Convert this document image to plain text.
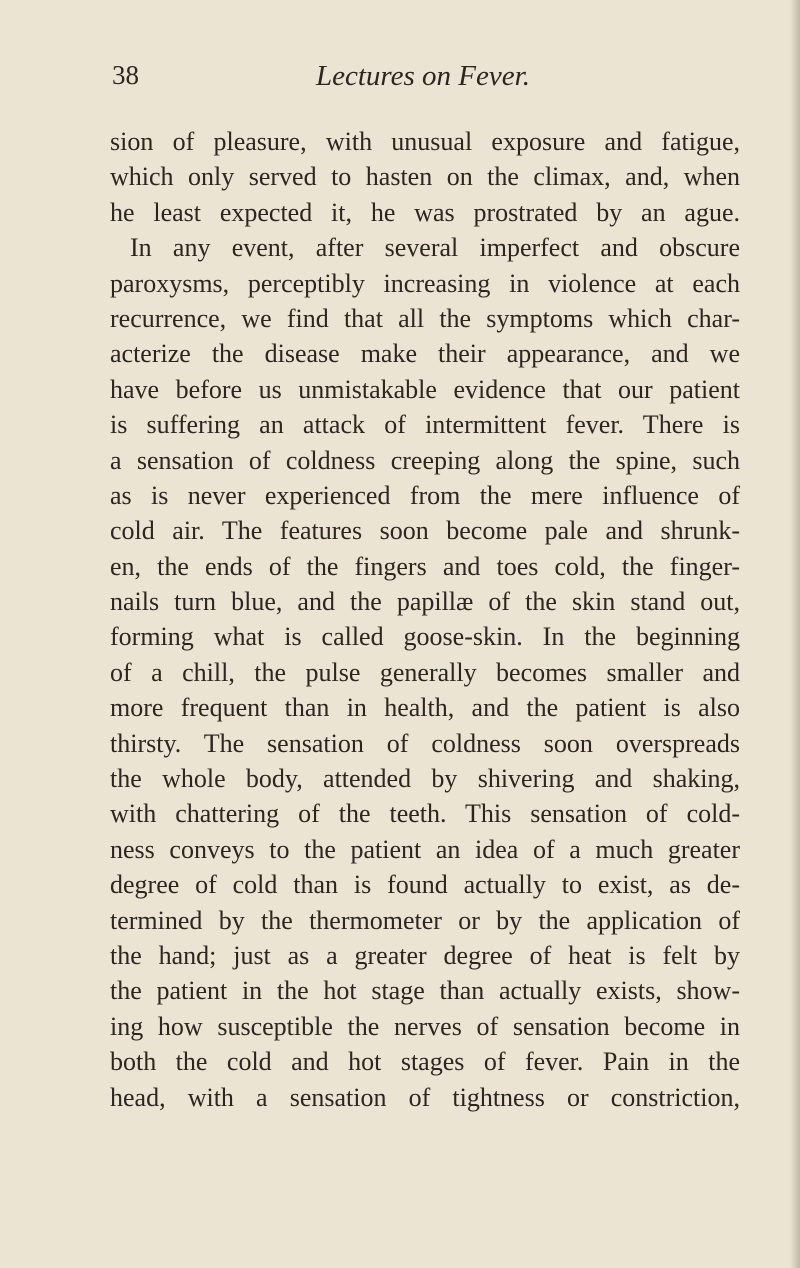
38	Lectures on Fever.
sion of pleasure, with unusual exposure and fatigue,
which only served to hasten on the climax, and, when
he least expected it, he was prostrated by an ague.
In any event, after several imperfect and obscure
paroxysms, perceptibly increasing in violence at each
recurrence, we find that all the symptoms which char-
acterize the disease make their appearance, and we
have before us unmistakable evidence that our patient
is suffering an attack of intermittent fever. There is
a sensation of coldness creeping along the spine, such
as is never experienced from the mere influence of
cold air. The features soon become pale and shrunk-
en, the ends of the fingers and toes cold, the finger-
nails turn blue, and the papillæ of the skin stand out,
forming what is called goose-skin. In the beginning
of a chill, the pulse generally becomes smaller and
more frequent than in health, and the patient is also
thirsty. The sensation of coldness soon overspreads
the whole body, attended by shivering and shaking,
with chattering of the teeth. This sensation of cold-
ness conveys to the patient an idea of a much greater
degree of cold than is found actually to exist, as de-
termined by the thermometer or by the application of
the hand; just as a greater degree of heat is felt by
the patient in the hot stage than actually exists, show-
ing how susceptible the nerves of sensation become in
both the cold and hot stages of fever. Pain in the
head, with a sensation of tightness or constriction,
